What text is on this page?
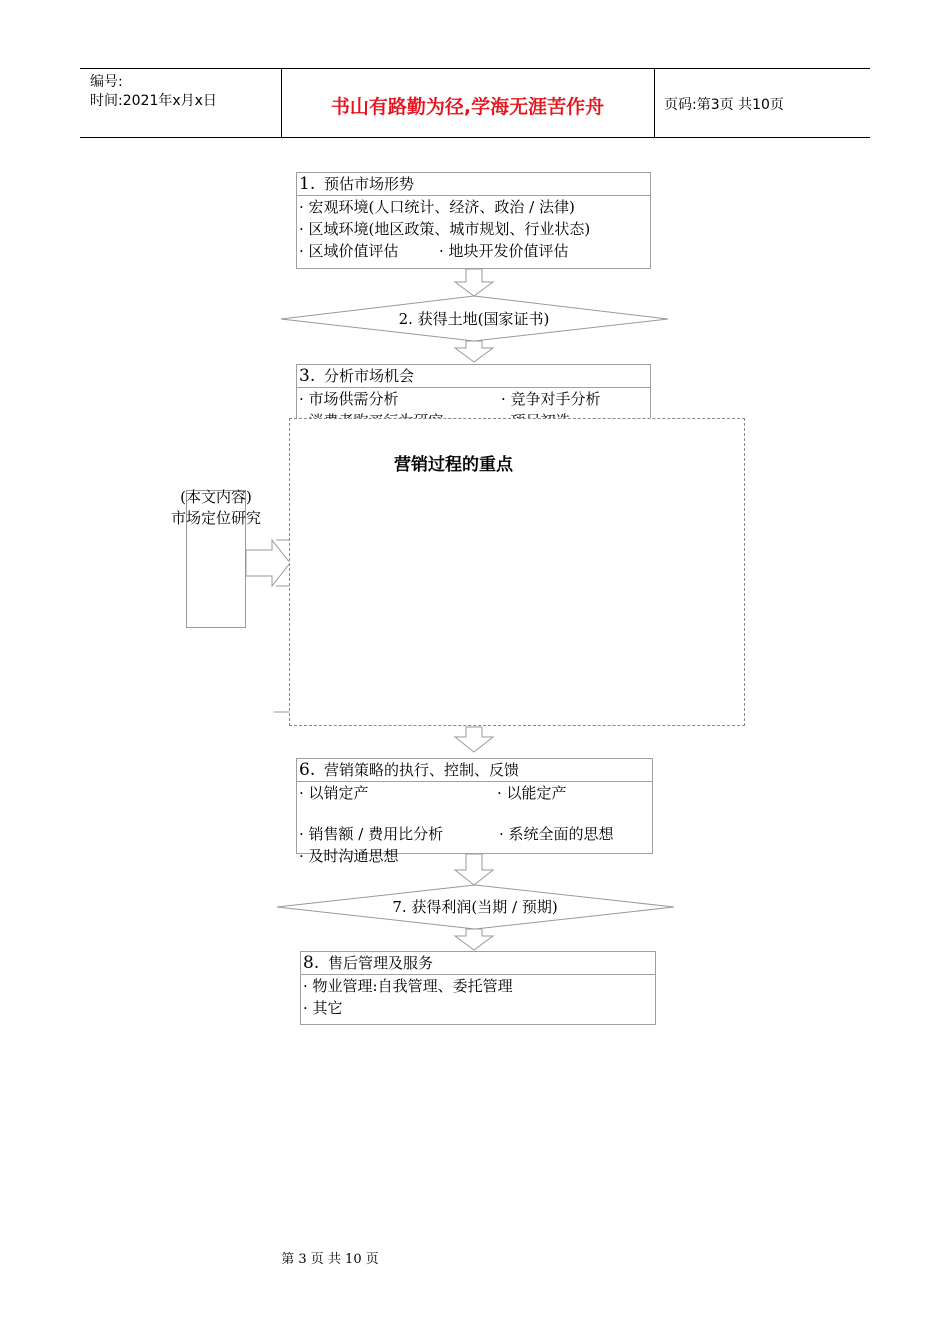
编号:
时间:2021年x月x日	书山有路勤为径,学海无涯苦作舟	页码:第3页 共10页
1. 预估市场形势
· 宏观环境(人口统计、经济、政治 / 法律)
· 区域环境(地区政策、城市规划、行业状态)
· 区域价值评估	· 地块开发价值评估
2. 获得土地(国家证书)
3. 分析市场机会
· 市场供需分析	· 竞争对手分析
(本文内容)
市场定位研究
营销过程的重点
6. 营销策略的执行、控制、反馈
· 以销定产	· 以能定产
· 销售额 / 费用比分析	· 系统全面的思想
· 及时沟通思想
7. 获得利润(当期 / 预期)
8. 售后管理及服务
· 物业管理:自我管理、委托管理
· 其它
第 3 页 共 10 页
